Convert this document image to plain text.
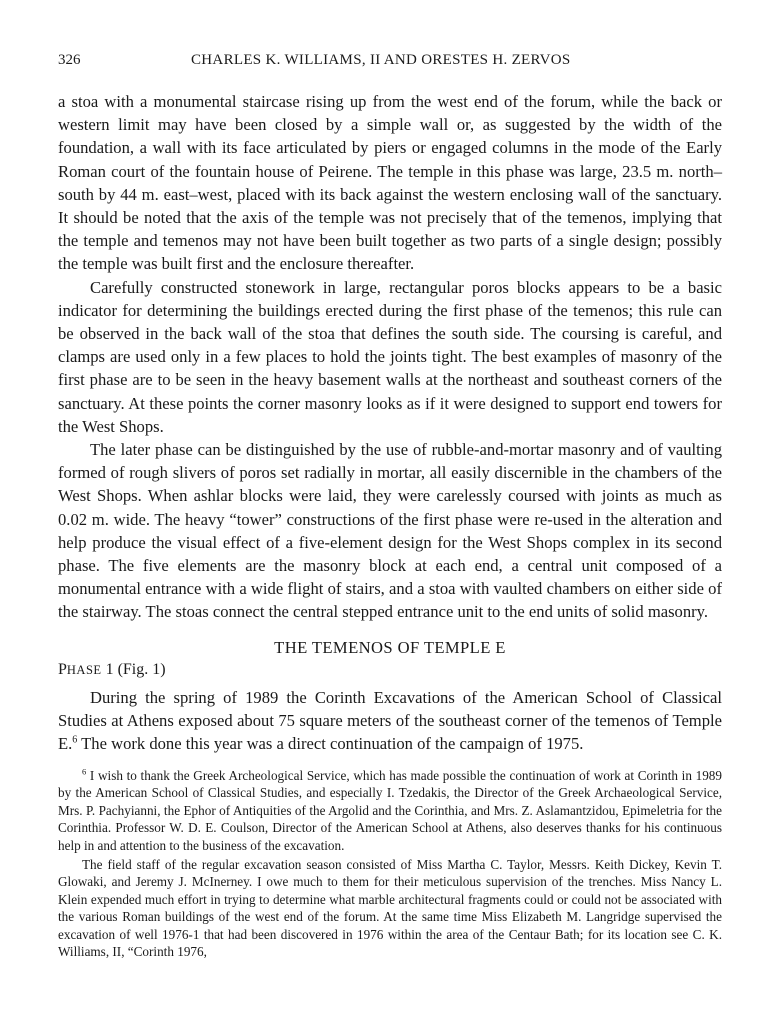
326	CHARLES K. WILLIAMS, II AND ORESTES H. ZERVOS

a stoa with a monumental staircase rising up from the west end of the forum, while the back or western limit may have been closed by a simple wall or, as suggested by the width of the foundation, a wall with its face articulated by piers or engaged columns in the mode of the Early Roman court of the fountain house of Peirene. The temple in this phase was large, 23.5 m. north–south by 44 m. east–west, placed with its back against the western enclosing wall of the sanctuary. It should be noted that the axis of the temple was not precisely that of the temenos, implying that the temple and temenos may not have been built together as two parts of a single design; possibly the temple was built first and the enclosure thereafter.

Carefully constructed stonework in large, rectangular poros blocks appears to be a basic indicator for determining the buildings erected during the first phase of the temenos; this rule can be observed in the back wall of the stoa that defines the south side. The coursing is careful, and clamps are used only in a few places to hold the joints tight. The best examples of masonry of the first phase are to be seen in the heavy basement walls at the northeast and southeast corners of the sanctuary. At these points the corner masonry looks as if it were designed to support end towers for the West Shops.

The later phase can be distinguished by the use of rubble-and-mortar masonry and of vaulting formed of rough slivers of poros set radially in mortar, all easily discernible in the chambers of the West Shops. When ashlar blocks were laid, they were carelessly coursed with joints as much as 0.02 m. wide. The heavy “tower” constructions of the first phase were re-used in the alteration and help produce the visual effect of a five-element design for the West Shops complex in its second phase. The five elements are the masonry block at each end, a central unit composed of a monumental entrance with a wide flight of stairs, and a stoa with vaulted chambers on either side of the stairway. The stoas connect the central stepped entrance unit to the end units of solid masonry.

THE TEMENOS OF TEMPLE E
PHASE 1 (Fig. 1)

During the spring of 1989 the Corinth Excavations of the American School of Classical Studies at Athens exposed about 75 square meters of the southeast corner of the temenos of Temple E.$^6$ The work done this year was a direct continuation of the campaign of 1975.

$^6$ I wish to thank the Greek Archeological Service, which has made possible the continuation of work at Corinth in 1989 by the American School of Classical Studies, and especially I. Tzedakis, the Director of the Greek Archaeological Service, Mrs. P. Pachyianni, the Ephor of Antiquities of the Argolid and the Corinthia, and Mrs. Z. Aslamantzidou, Epimeletria for the Corinthia. Professor W. D. E. Coulson, Director of the American School at Athens, also deserves thanks for his continuous help in and attention to the business of the excavation.

The field staff of the regular excavation season consisted of Miss Martha C. Taylor, Messrs. Keith Dickey, Kevin T. Glowaki, and Jeremy J. McInerney. I owe much to them for their meticulous supervision of the trenches. Miss Nancy L. Klein expended much effort in trying to determine what marble architectural fragments could or could not be associated with the various Roman buildings of the west end of the forum. At the same time Miss Elizabeth M. Langridge supervised the excavation of well 1976-1 that had been discovered in 1976 within the area of the Centaur Bath; for its location see C. K. Williams, II, “Corinth 1976,
